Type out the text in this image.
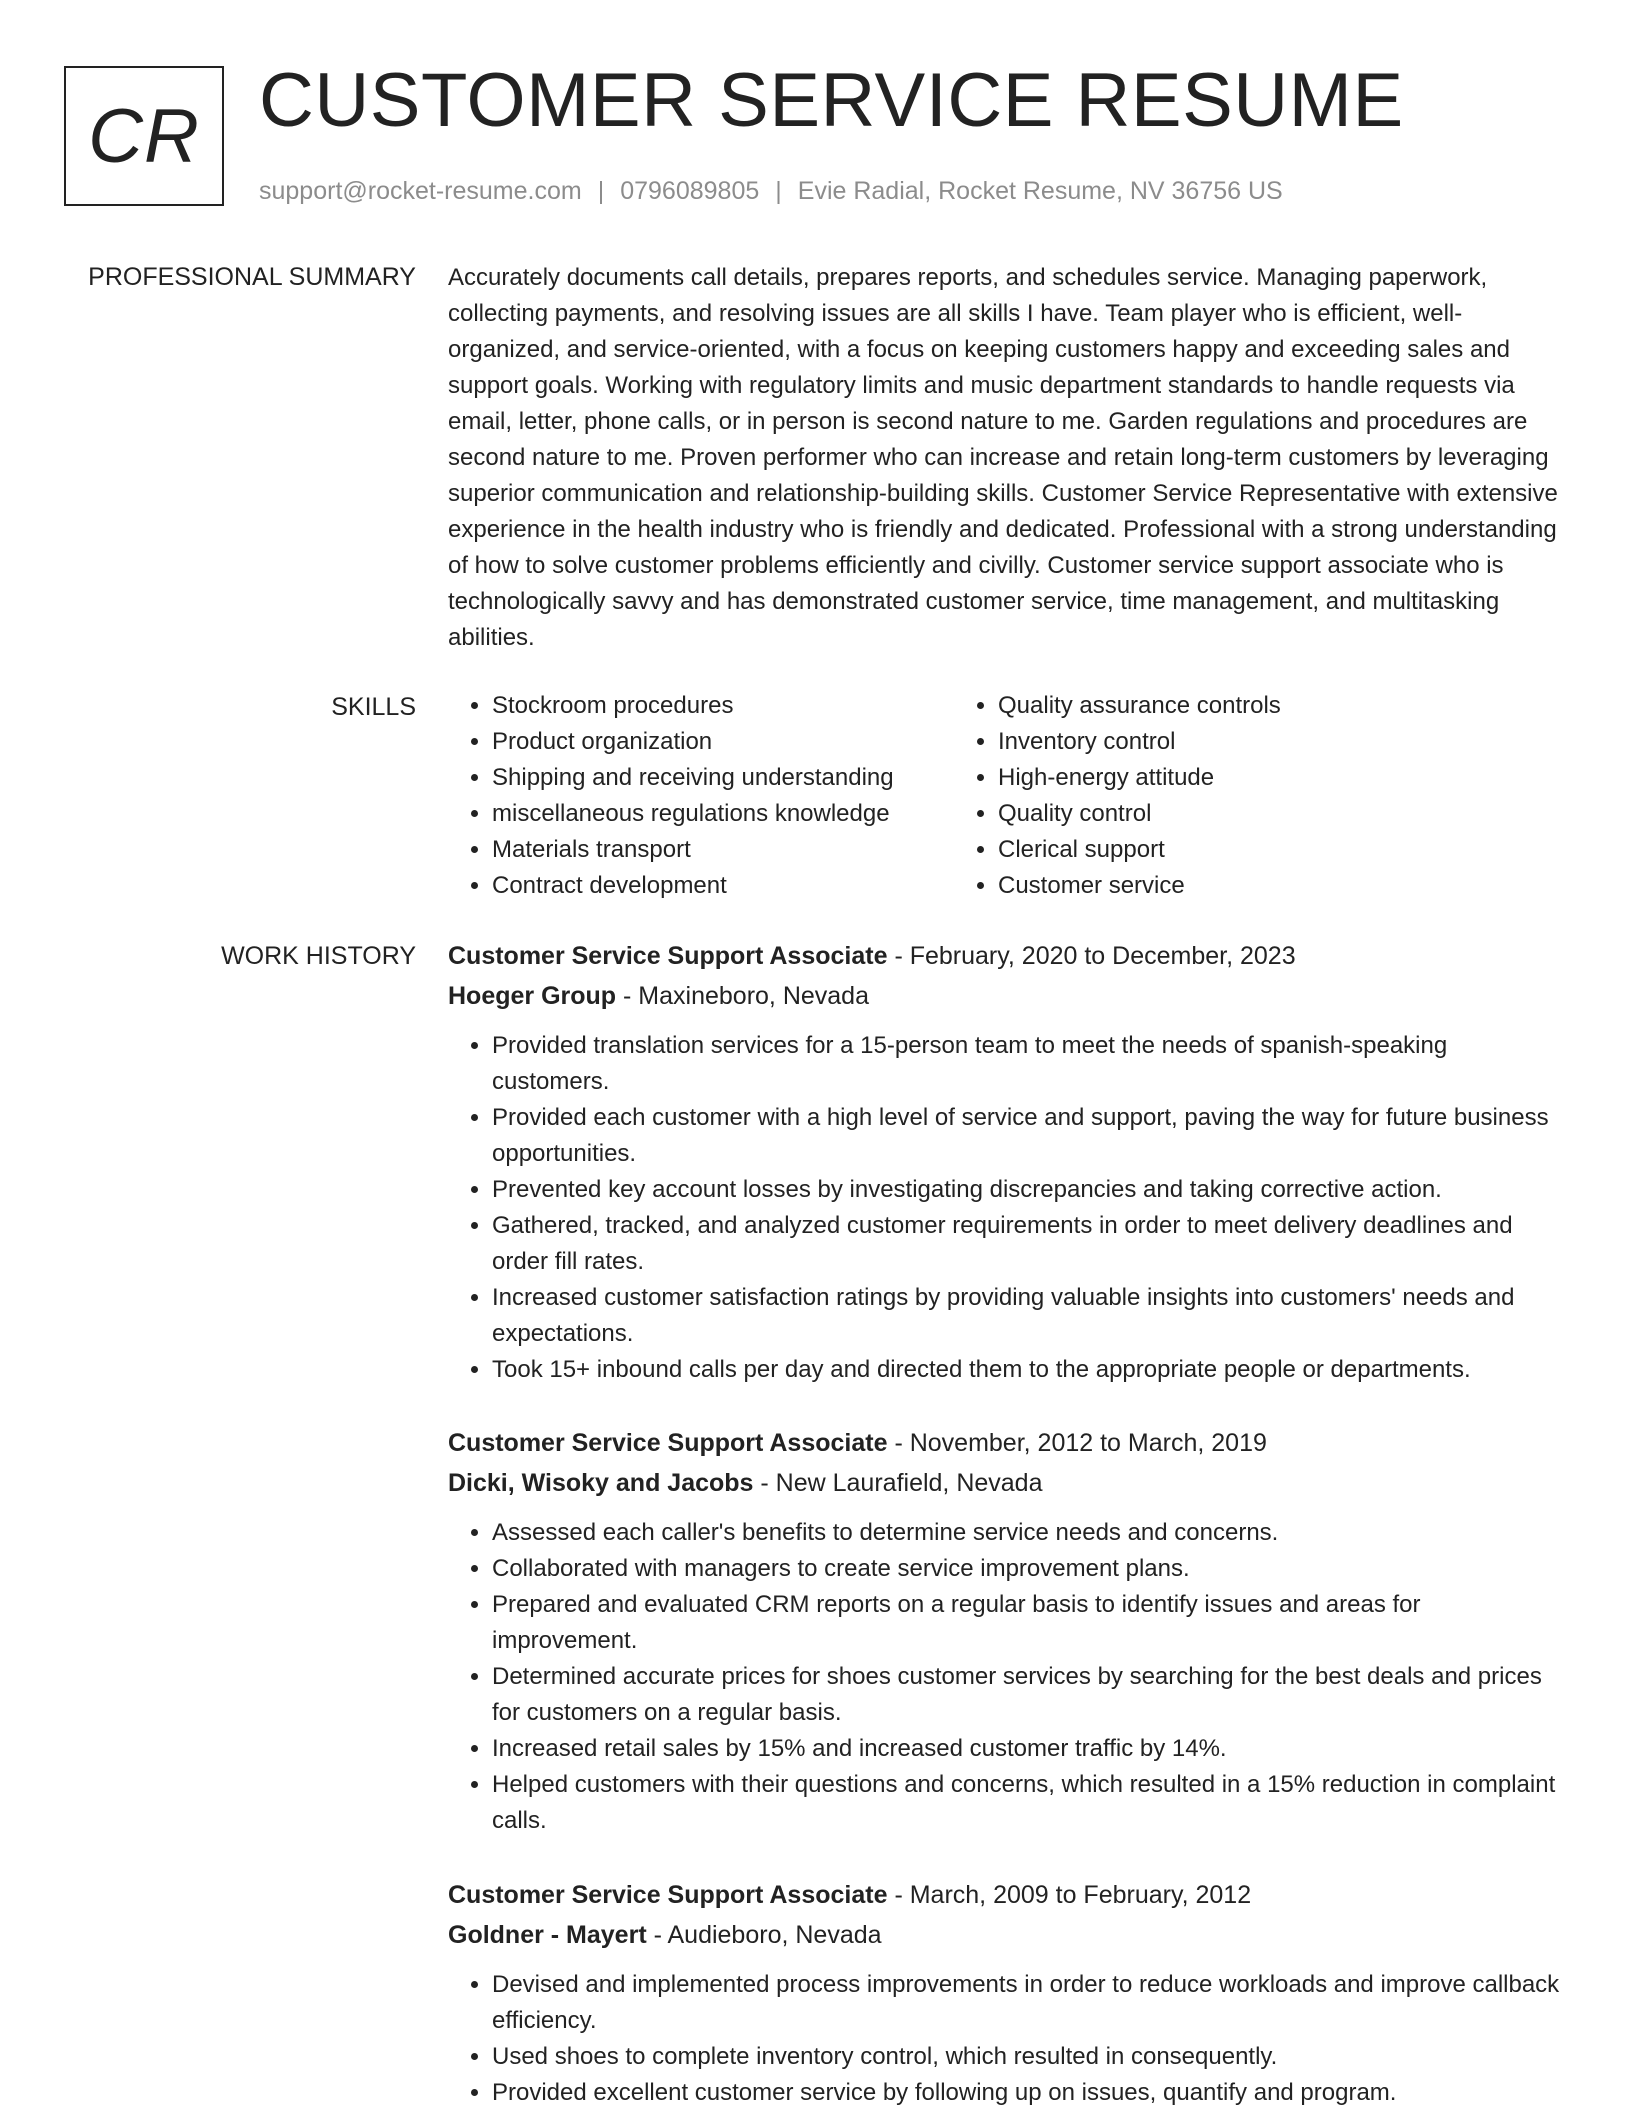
CR CUSTOMER SERVICE RESUME
support@rocket-resume.com | 0796089805 | Evie Radial, Rocket Resume, NV 36756 US
PROFESSIONAL SUMMARY Accurately documents call details, prepares reports, and schedules service. Managing paperwork, collecting payments, and resolving issues are all skills I have. Team player who is efficient, well-organized, and service-oriented, with a focus on keeping customers happy and exceeding sales and support goals. Working with regulatory limits and music department standards to handle requests via email, letter, phone calls, or in person is second nature to me. Garden regulations and procedures are second nature to me. Proven performer who can increase and retain long-term customers by leveraging superior communication and relationship-building skills. Customer Service Representative with extensive experience in the health industry who is friendly and dedicated. Professional with a strong understanding of how to solve customer problems efficiently and civilly. Customer service support associate who is technologically savvy and has demonstrated customer service, time management, and multitasking abilities.

SKILLS
•	Stockroom procedures
• Product organization
• Shipping and receiving understanding
• miscellaneous regulations knowledge
• Materials transport
• Contract development
• Quality assurance controls
• Inventory control
• High-energy attitude
• Quality control
• Clerical support
• Customer service
WORK HISTORY Customer Service Support Associate - February, 2020 to December, 2023

Hoeger Group - Maxineboro, Nevada

• Provided translation services for a 15-person team to meet the needs of spanish-speaking customers.
• Provided each customer with a high level of service and support, paving the way for future business opportunities.
• Prevented key account losses by investigating discrepancies and taking corrective action.
• Gathered, tracked, and analyzed customer requirements in order to meet delivery deadlines and order fill rates.
• Increased customer satisfaction ratings by providing valuable insights into customers' needs and expectations.
• Took 15+ inbound calls per day and directed them to the appropriate people or departments.

Customer Service Support Associate - November, 2012 to March, 2019

Dicki, Wisoky and Jacobs - New Laurafield, Nevada

• Assessed each caller's benefits to determine service needs and concerns.
• Collaborated with managers to create service improvement plans.
• Prepared and evaluated CRM reports on a regular basis to identify issues and areas for improvement.
• Determined accurate prices for shoes customer services by searching for the best deals and prices for customers on a regular basis.
• Increased retail sales by 15% and increased customer traffic by 14%.
• Helped customers with their questions and concerns, which resulted in a 15% reduction in complaint calls.

Customer Service Support Associate - March, 2009 to February, 2012

Goldner - Mayert - Audieboro, Nevada

• Devised and implemented process improvements in order to reduce workloads and improve callback efficiency.
• Used shoes to complete inventory control, which resulted in consequently.
• Provided excellent customer service by following up on issues, quantify and program.
